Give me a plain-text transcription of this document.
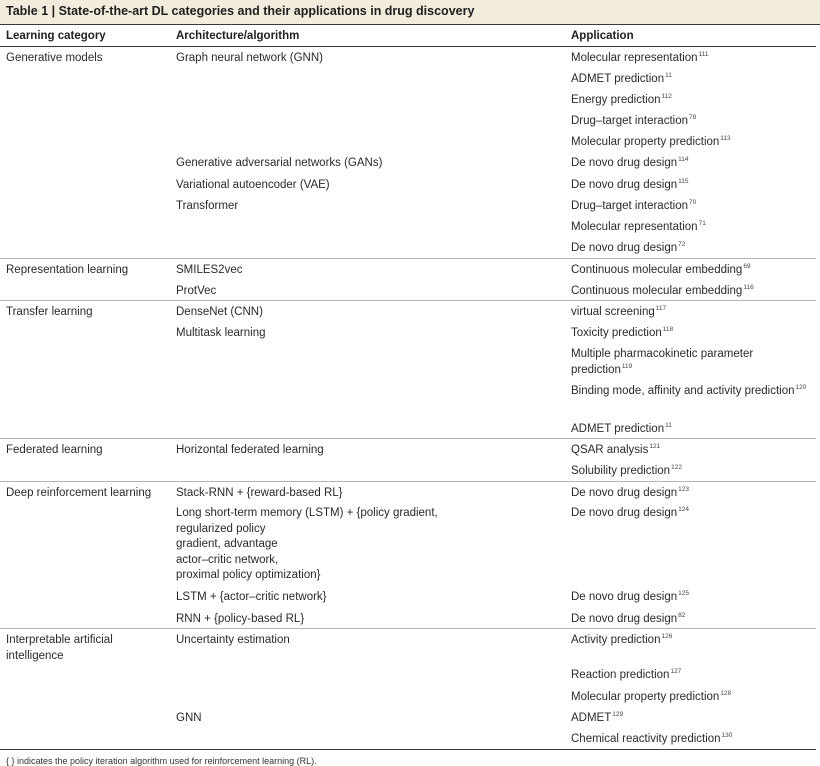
Table 1 | State-of-the-art DL categories and their applications in drug discovery
Learning category	Architecture/algorithm	Application
Generative models	Graph neural network (GNN)	Molecular representation$^{111}$
		ADMET prediction$^{11}$
		Energy prediction$^{112}$
		Drug–target interaction$^{78}$
		Molecular property prediction$^{113}$
	Generative adversarial networks (GANs)	De novo drug design$^{114}$
	Variational autoencoder (VAE)	De novo drug design$^{115}$
	Transformer	Drug–target interaction$^{70}$
		Molecular representation$^{71}$
		De novo drug design$^{72}$
Representation learning	SMILES2vec	Continuous molecular embedding$^{69}$
	ProtVec	Continuous molecular embedding$^{116}$
Transfer learning	DenseNet (CNN)	virtual screening$^{117}$
	Multitask learning	Toxicity prediction$^{118}$
		Multiple pharmacokinetic parameter prediction$^{119}$
		Binding mode, affinity and activity prediction$^{120}$
		ADMET prediction$^{11}$
Federated learning	Horizontal federated learning	QSAR analysis$^{121}$
		Solubility prediction$^{122}$
Deep reinforcement learning	Stack-RNN + {reward-based RL}	De novo drug design$^{123}$
	Long short-term memory (LSTM) + {policy gradient,
regularized policy
gradient, advantage
actor–critic network,
proximal policy optimization}	De novo drug design$^{124}$
	LSTM + {actor–critic network}	De novo drug design$^{125}$
	RNN + {policy-based RL}	De novo drug design$^{82}$
Interpretable artificial
intelligence	Uncertainty estimation	Activity prediction$^{126}$
		Reaction prediction$^{127}$
		Molecular property prediction$^{128}$
	GNN	ADMET$^{129}$
		Chemical reactivity prediction$^{130}$
{ } indicates the policy iteration algorithm used for reinforcement learning (RL).
